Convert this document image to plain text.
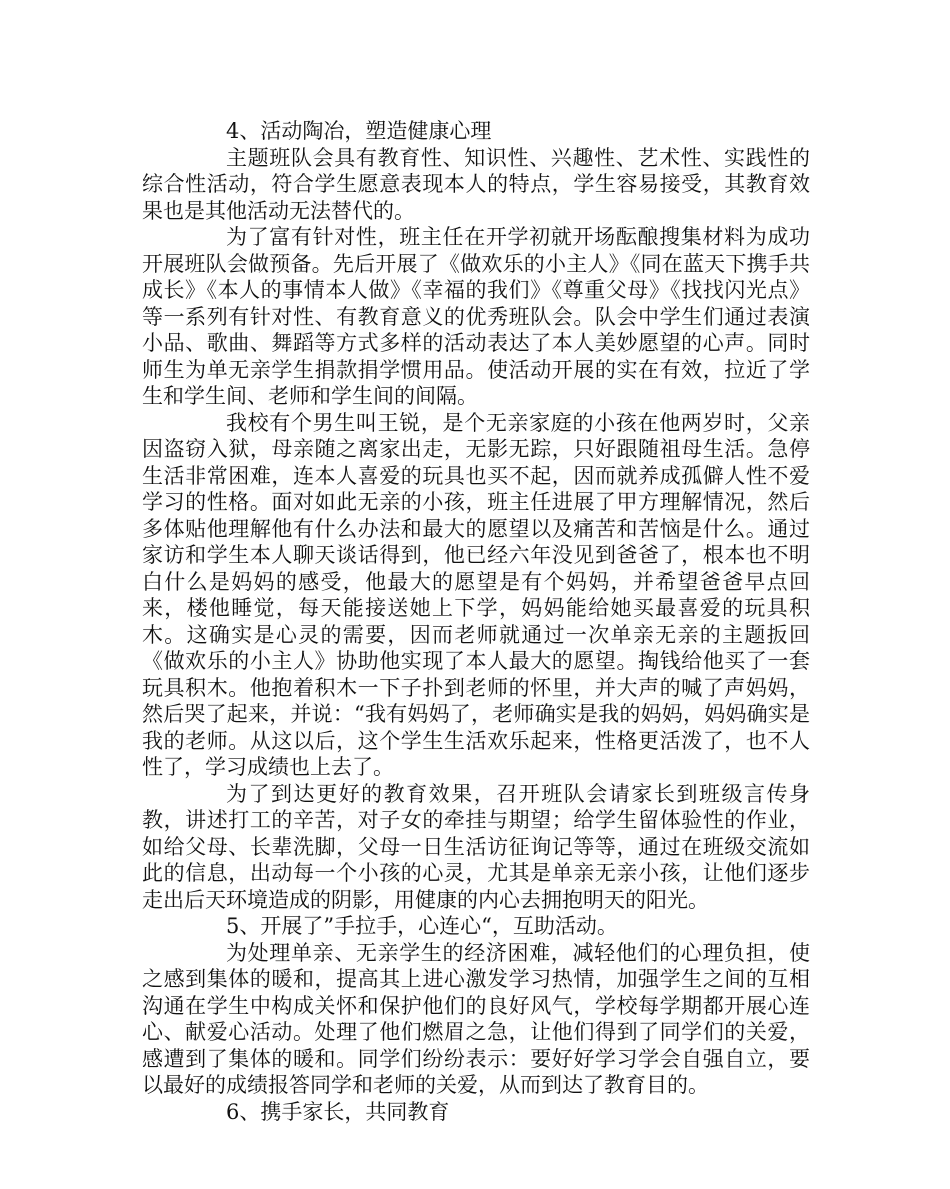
4、活动陶冶，塑造健康心理

主题班队会具有教育性、知识性、兴趣性、艺术性、实践性的综合性活动，符合学生愿意表现本人的特点，学生容易接受，其教育效果也是其他活动无法替代的。

为了富有针对性，班主任在开学初就开场酝酿搜集材料为成功开展班队会做预备。先后开展了《做欢乐的小主人》《同在蓝天下携手共成长》《本人的事情本人做》《幸福的我们》《尊重父母》《找找闪光点》等一系列有针对性、有教育意义的优秀班队会。队会中学生们通过表演小品、歌曲、舞蹈等方式多样的活动表达了本人美妙愿望的心声。同时师生为单无亲学生捐款捐学惯用品。使活动开展的实在有效，拉近了学生和学生间、老师和学生间的间隔。

我校有个男生叫王锐，是个无亲家庭的小孩在他两岁时，父亲因盗窃入狱，母亲随之离家出走，无影无踪，只好跟随祖母生活。急停生活非常困难，连本人喜爱的玩具也买不起，因而就养成孤僻人性不爱学习的性格。面对如此无亲的小孩，班主任进展了甲方理解情况，然后多体贴他理解他有什么办法和最大的愿望以及痛苦和苦恼是什么。通过家访和学生本人聊天谈话得到，他已经六年没见到爸爸了，根本也不明白什么是妈妈的感受，他最大的愿望是有个妈妈，并希望爸爸早点回来，楼他睡觉，每天能接送她上下学，妈妈能给她买最喜爱的玩具积木。这确实是心灵的需要，因而老师就通过一次单亲无亲的主题扳回《做欢乐的小主人》协助他实现了本人最大的愿望。掏钱给他买了一套玩具积木。他抱着积木一下子扑到老师的怀里，并大声的喊了声妈妈，然后哭了起来，并说：“我有妈妈了，老师确实是我的妈妈，妈妈确实是我的老师。从这以后，这个学生生活欢乐起来，性格更活泼了，也不人性了，学习成绩也上去了。

为了到达更好的教育效果，召开班队会请家长到班级言传身教，讲述打工的辛苦，对子女的牵挂与期望；给学生留体验性的作业，如给父母、长辈洗脚，父母一日生活访征询记等等，通过在班级交流如此的信息，出动每一个小孩的心灵，尤其是单亲无亲小孩，让他们逐步走出后天环境造成的阴影，用健康的内心去拥抱明天的阳光。

5、开展了”手拉手，心连心“，互助活动。

为处理单亲、无亲学生的经济困难，减轻他们的心理负担，使之感到集体的暖和，提高其上进心激发学习热情，加强学生之间的互相沟通在学生中构成关怀和保护他们的良好风气，学校每学期都开展心连心、献爱心活动。处理了他们燃眉之急，让他们得到了同学们的关爱，感遭到了集体的暖和。同学们纷纷表示：要好好学习学会自强自立，要以最好的成绩报答同学和老师的关爱，从而到达了教育目的。

6、携手家长，共同教育
